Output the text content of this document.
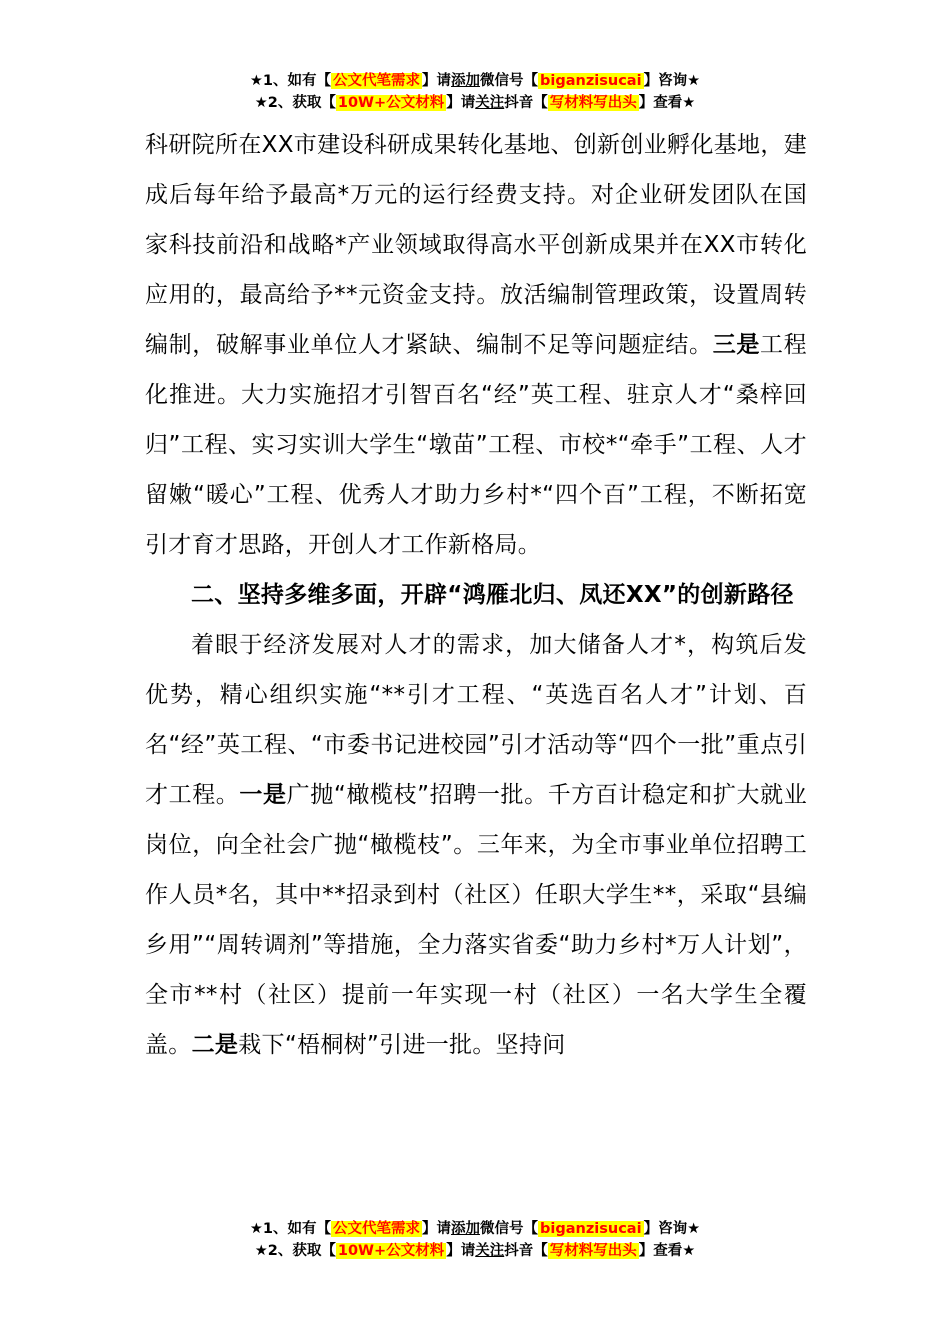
★1、如有【 公文代笔需求 】请添加微信号【 biganzisucai 】咨询★
★2、获取【 10W+公文材料 】请关注抖音【 写材料写出头 】查看★

科研院所在XX市建设科研成果转化基地、创新创业孵化基地，建成后每年给予最高*万元的运行经费支持。对企业研发团队在国家科技前沿和战略*产业领域取得高水平创新成果并在XX市转化应用的，最高给予**元资金支持。放活编制管理政策，设置周转编制，破解事业单位人才紧缺、编制不足等问题症结。三是工程化推进。大力实施招才引智百名“经”英工程、驻京人才“桑梓回归”工程、实习实训大学生“墩苗”工程、市校*“牵手”工程、人才留嫩“暖心”工程、优秀人才助力乡村*“四个百”工程，不断拓宽引才育才思路，开创人才工作新格局。

二、坚持多维多面，开辟“鸿雁北归、凤还XX”的创新路径

着眼于经济发展对人才的需求，加大储备人才*，构筑后发优势，精心组织实施“**引才工程、“英选百名人才”计划、百名“经”英工程、“市委书记进校园”引才活动等“四个一批”重点引才工程。一是广抛“橄榄枝”招聘一批。千方百计稳定和扩大就业岗位，向全社会广抛“橄榄枝”。三年来，为全市事业单位招聘工作人员*名，其中**招录到村（社区）任职大学生**，采取“县编乡用”“周转调剂”等措施，全力落实省委“助力乡村*万人计划”，全市**村（社区）提前一年实现一村（社区）一名大学生全覆盖。二是栽下“梧桐树”引进一批。坚持问

★1、如有【 公文代笔需求 】请添加微信号【 biganzisucai 】咨询★
★2、获取【 10W+公文材料 】请关注抖音【 写材料写出头 】查看★
